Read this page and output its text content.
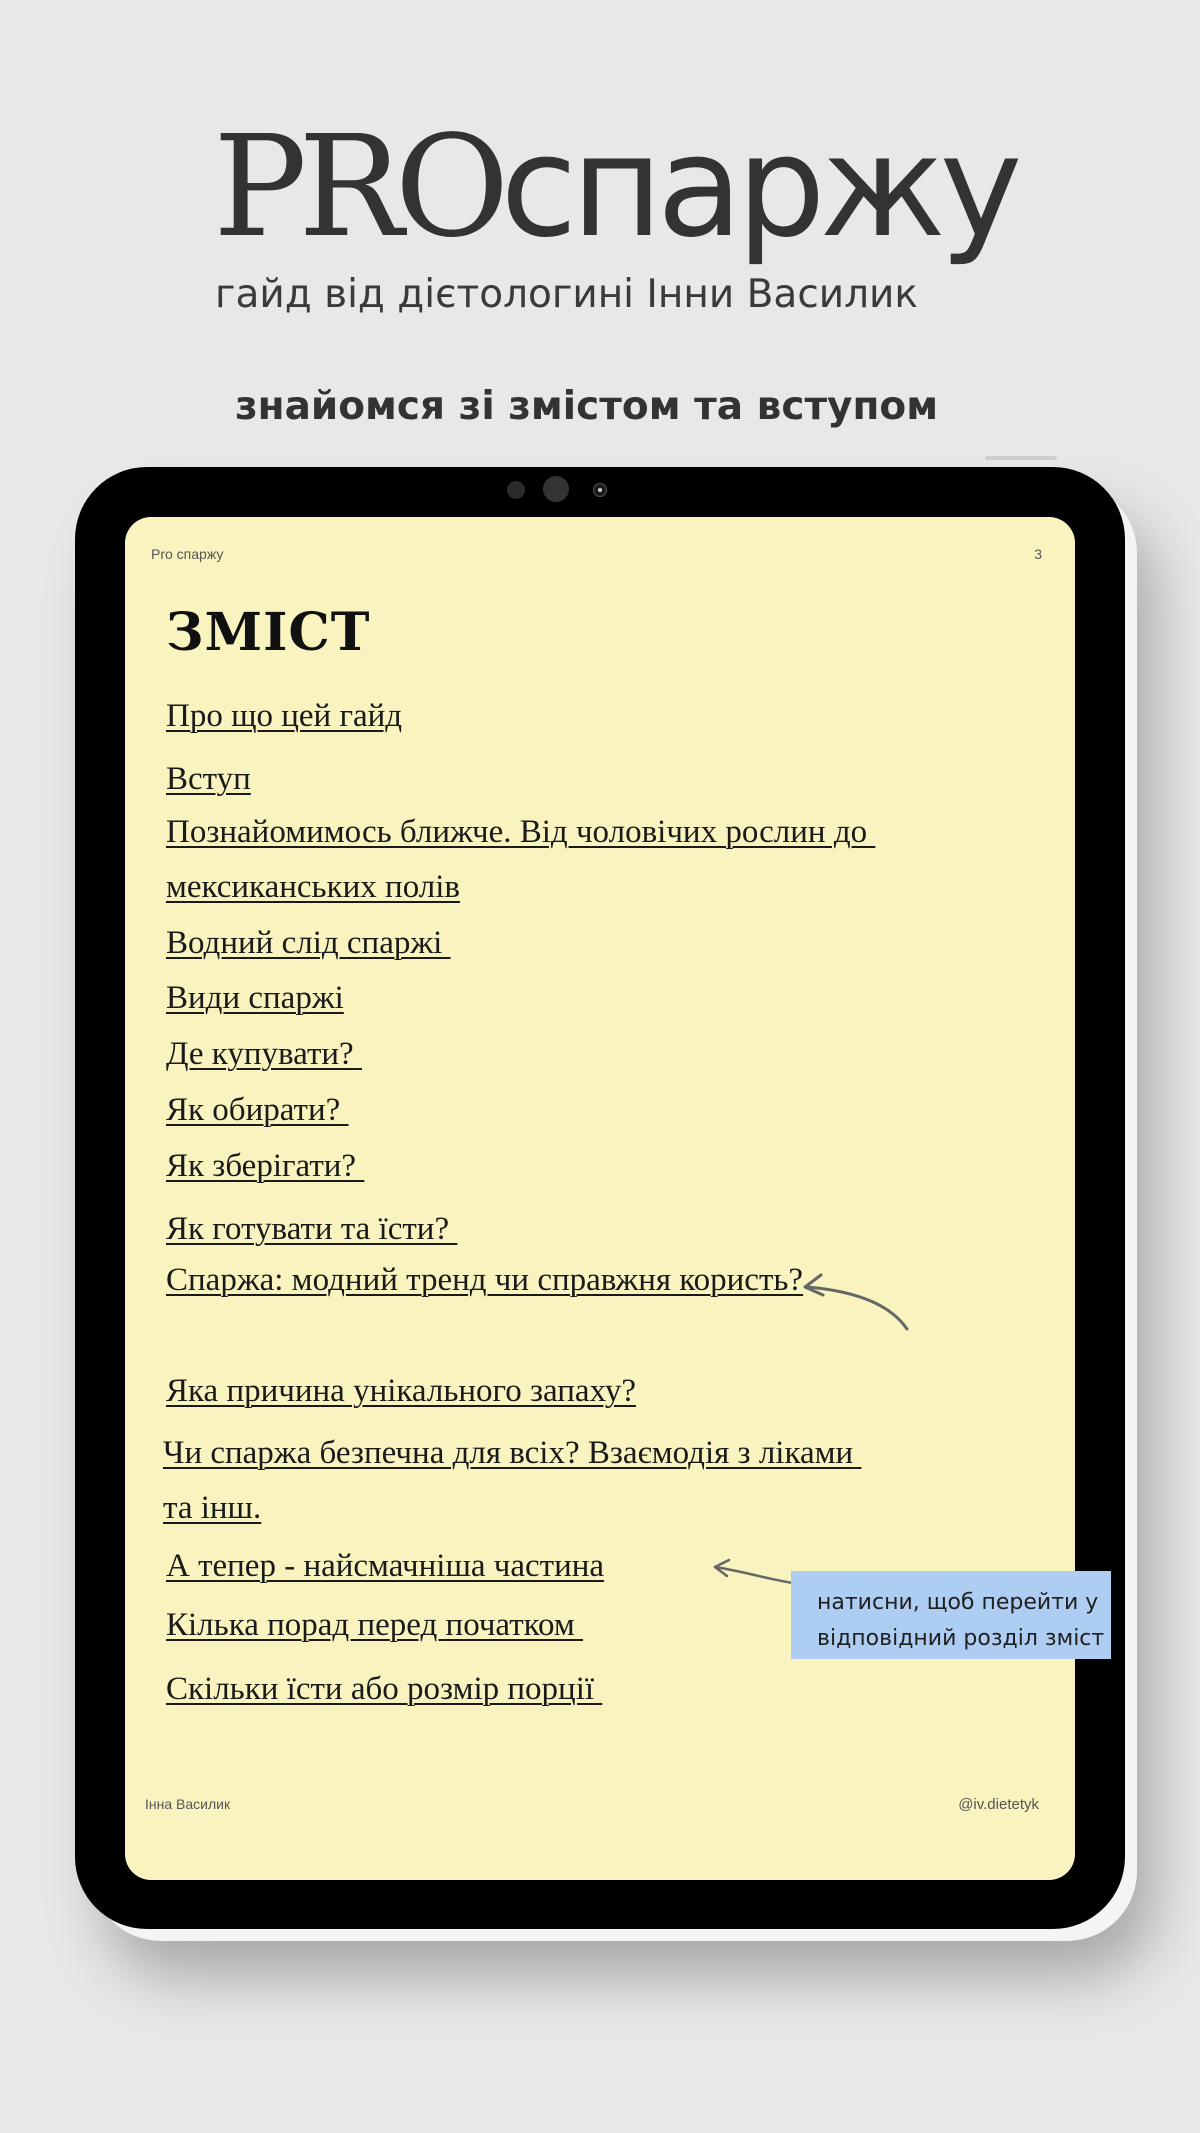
PROспаржу
гайд від дієтологині Інни Василик
знайомся зі змістом та вступом
Pro спаржу	3
ЗМІСТ
Про що цей гайд
Вступ
Познайомимось ближче. Від чоловічих рослин до мексиканських полів
Водний слід спаржі
Види спаржі
Де купувати?
Як обирати?
Як зберігати?
Як готувати та їсти?
Спаржа: модний тренд чи справжня користь?
Яка причина унікального запаху?
Чи спаржа безпечна для всіх? Взаємодія з ліками та інш.
А тепер - найсмачніша частина
Кілька порад перед початком
Скільки їсти або розмір порції
натисни, щоб перейти у
відповідний розділ зміст
Інна Василик	@iv.dietetyk
